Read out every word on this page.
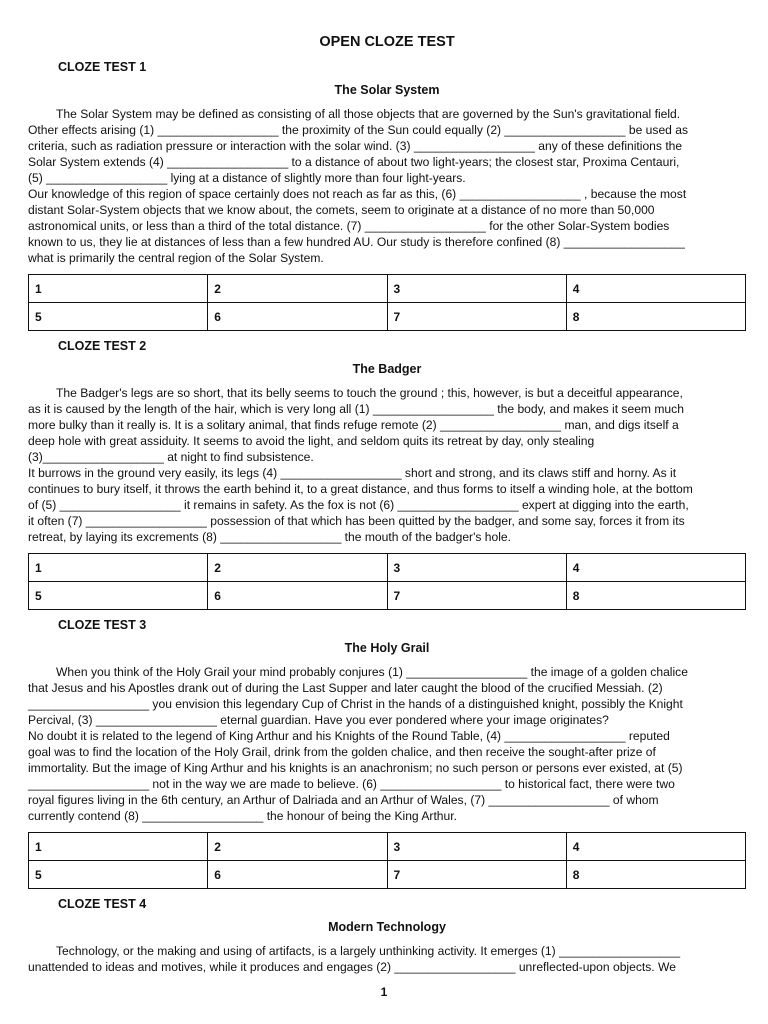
OPEN CLOZE TEST
CLOZE TEST 1
The Solar System

The Solar System may be defined as consisting of all those objects that are governed by the Sun's gravitational field.
Other effects arising (1) __________________ the proximity of the Sun could equally (2) __________________ be used as
criteria, such as radiation pressure or interaction with the solar wind. (3) __________________ any of these definitions the
Solar System extends (4) __________________ to a distance of about two light-years; the closest star, Proxima Centauri,
(5) __________________ lying at a distance of slightly more than four light-years.

Our knowledge of this region of space certainly does not reach as far as this, (6) __________________ , because the most
distant Solar-System objects that we know about, the comets, seem to originate at a distance of no more than 50,000
astronomical units, or less than a third of the total distance. (7) __________________ for the other Solar-System bodies
known to us, they lie at distances of less than a few hundred AU. Our study is therefore confined (8) __________________
what is primarily the central region of the Solar System.

1	2	3	4
5	6	7	8
CLOZE TEST 2
The Badger

The Badger's legs are so short, that its belly seems to touch the ground ; this, however, is but a deceitful appearance,
as it is caused by the length of the hair, which is very long all (1) __________________ the body, and makes it seem much
more bulky than it really is. It is a solitary animal, that finds refuge remote (2) __________________ man, and digs itself a
deep hole with great assiduity. It seems to avoid the light, and seldom quits its retreat by day, only stealing
(3)__________________ at night to find subsistence.

It burrows in the ground very easily, its legs (4) __________________ short and strong, and its claws stiff and horny. As it
continues to bury itself, it throws the earth behind it, to a great distance, and thus forms to itself a winding hole, at the bottom
of (5) __________________ it remains in safety. As the fox is not (6) __________________ expert at digging into the earth,
it often (7) __________________ possession of that which has been quitted by the badger, and some say, forces it from its
retreat, by laying its excrements (8) __________________ the mouth of the badger's hole.

1	2	3	4
5	6	7	8
CLOZE TEST 3
The Holy Grail

When you think of the Holy Grail your mind probably conjures (1) __________________ the image of a golden chalice
that Jesus and his Apostles drank out of during the Last Supper and later caught the blood of the crucified Messiah. (2)
__________________ you envision this legendary Cup of Christ in the hands of a distinguished knight, possibly the Knight
Percival, (3) __________________ eternal guardian. Have you ever pondered where your image originates?

No doubt it is related to the legend of King Arthur and his Knights of the Round Table, (4) __________________ reputed
goal was to find the location of the Holy Grail, drink from the golden chalice, and then receive the sought-after prize of
immortality. But the image of King Arthur and his knights is an anachronism; no such person or persons ever existed, at (5)
__________________ not in the way we are made to believe. (6) __________________ to historical fact, there were two
royal figures living in the 6th century, an Arthur of Dalriada and an Arthur of Wales, (7) __________________ of whom
currently contend (8) __________________ the honour of being the King Arthur.

1	2	3	4
5	6	7	8
CLOZE TEST 4
Modern Technology

Technology, or the making and using of artifacts, is a largely unthinking activity. It emerges (1) __________________
unattended to ideas and motives, while it produces and engages (2) __________________ unreflected-upon objects. We

1
